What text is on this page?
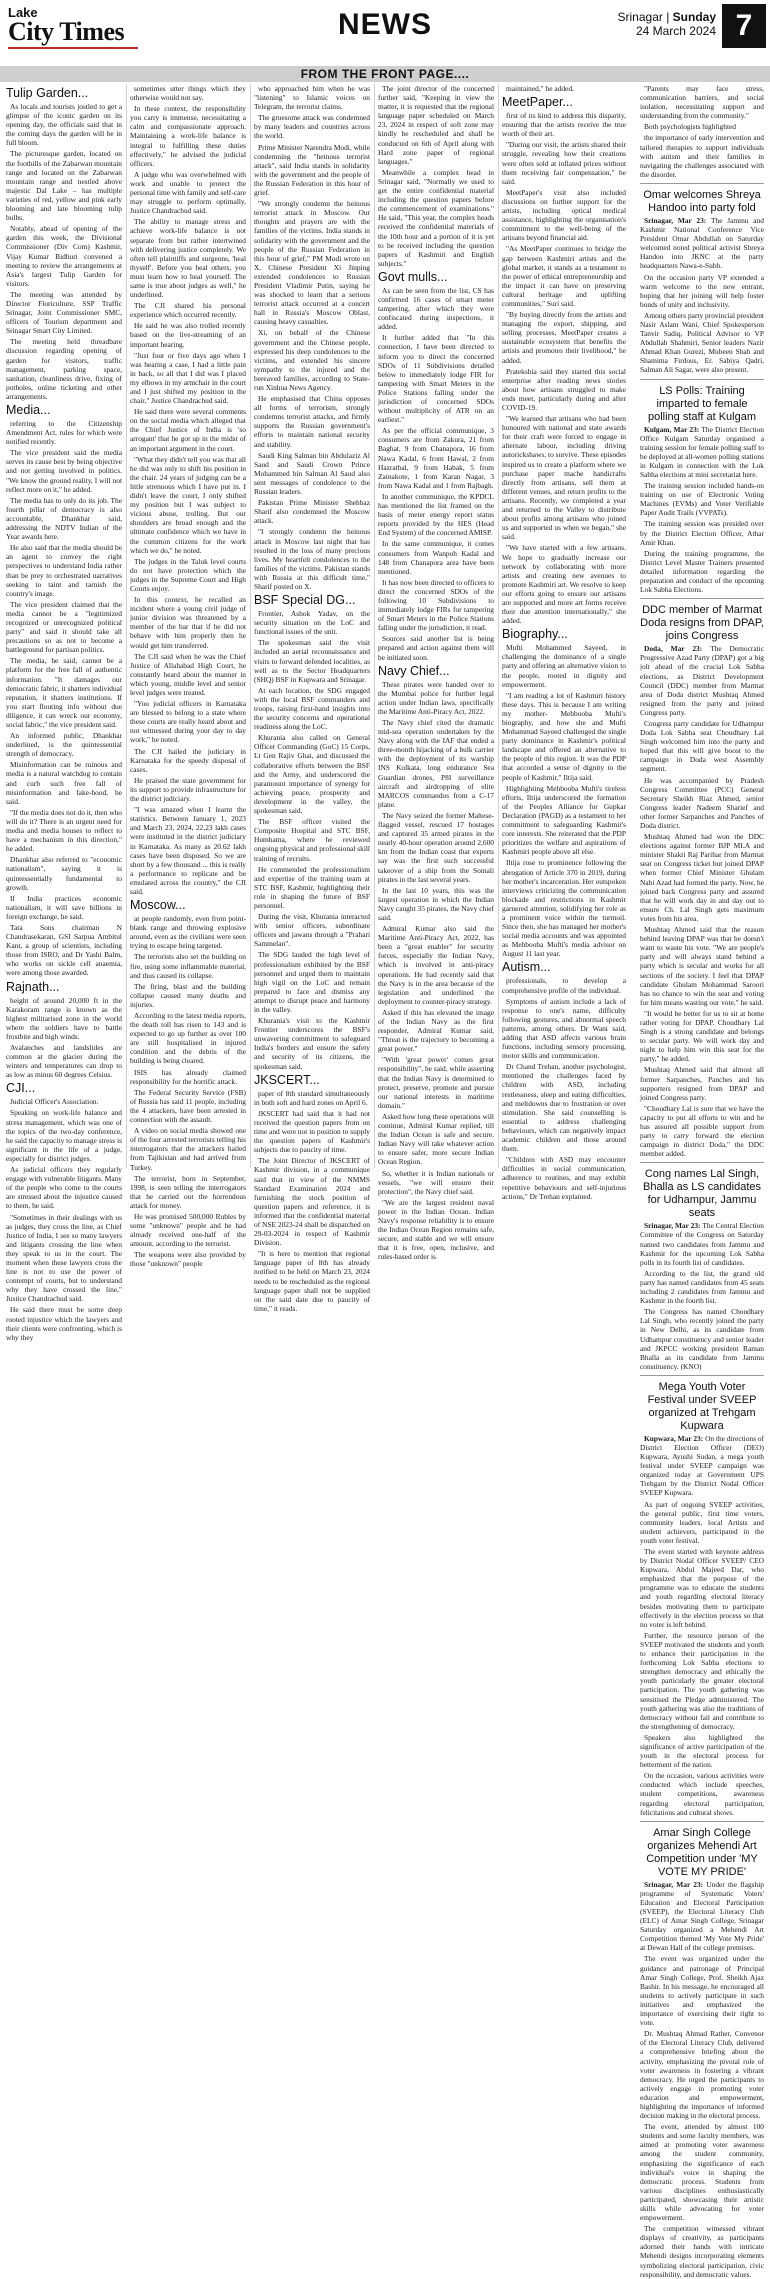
Lake
City Times	NEWS	Srinagar | Sunday
24 March 2024 7
FROM THE FRONT PAGE....
Tulip Garden...

As locals and tourists jostled to get a glimpse of the iconic garden on its opening day, the officials said that in the coming days the garden will be in full bloom.

The picturesque garden, located on the foothills of the Zabarwan mountain range and located on the Zabarwan mountain range and nestled above majestic Dal Lake – has multiple varieties of red, yellow and pink early blooming and late blooming tulip bulbs.

Notably, ahead of opening of the garden this week, the Divisional Commissioner (Div Com) Kashmir, Vijay Kumar Bidhuri convened a meeting to review the arrangements at Asia's largest Tulip Garden for visitors.

The meeting was attended by Director Floriculture, SSP Traffic Srinagar, Joint Commissioner SMC, officers of Tourism department and Srinagar Smart City Limited.

The meeting held threadbare discussion regarding opening of garden for visitors, traffic management, parking space, sanitation, cleanliness drive, fixing of potholes, online ticketing and other arrangements.

Media...

referring to the Citizenship Amendment Act, rules for which were notified recently.

The vice president said the media serves its cause best by being objective and not getting involved in politics. "We know the ground reality, I will not reflect more on it," he added.

The media has to only do its job. The fourth pillar of democracy is also accountable, Dhankhar said, addressing the NDTV Indian of the Year awards here.

He also said that the media should be an agent to convey the right perspectives to understand India rather than be prey to orchestrated narratives seeking to taint and tarnish the country's image.

The vice president claimed that the media cannot be a "legitimized recognized or unrecognized political party" and said it should take all precautions so as not to become a battleground for partisan politics.

The media, he said, cannot be a platform for the free fall of authentic information. "It damages our democratic fabric, it shatters individual reputation, it shatters institutions. If you start flouting info without due diligence, it can wreck our economy, social fabric," the vice president said.

An informed public, Dhankhar underlined, is the quintessential strength of democracy.

Misinformation can be ruinous and media is a natural watchdog to contain and curb such free fall of misinformation and fake-hood, he said.

"If the media does not do it, then who will do it? There is an urgent need for media and media houses to reflect to have a mechanism in this direction," he added.

Dhankhar also referred to "economic nationalism", saying it is quintessentially fundamental to growth.

If India practices economic nationalism, it will save billions in foreign exchange, he said.

Tata Sons chairman N Chandrasekaran, GSI Sarpua Ambitul Kant, a group of scientists, including those from ISRO, and Dr Yashi Balm, who works on sickle cell anaemia, were among those awarded.

Rajnath...

height of around 20,000 ft in the Karakoram range is known as the highest militarised zone in the world where the soldiers have to battle frostbite and high winds.

Avalanches and landslides are common at the glacier during the winters and temperatures can drop to as low as minus 60 degrees Celsius.

CJI...

Judicial Officer's Association.

Speaking on work-life balance and stress management, which was one of the topics of the two-day conference, he said the capacity to manage stress is significant in the life of a judge, especially for district judges.

As judicial officers they regularly engage with vulnerable litigants. Many of the people who come to the courts are stressed about the injustice caused to them, he said.

"Sometimes in their dealings with us as judges, they cross the line, as Chief Justice of India, I see so many lawyers and litigants crossing the line when they speak to us in the court. The moment when these lawyers cross the line is not to use the power of contempt of courts, but to understand why they have crossed the line," Justice Chandrachud said.

He said there must be some deep rooted injustice which the lawyers and their clients were confronting, which is why they

sometimes utter things which they otherwise would not say.

In these context, the responsibility you carry is immense, necessitating a calm and compassionate approach. Maintaining a work-life balance is integral to fulfilling these duties effectively," he advised the judicial officers.

A judge who was overwhelmed with work and unable to protect the personal time with family and self-care may struggle to perform optimally, Justice Chandrachud said.

The ability to manage stress and achieve work-life balance is not separate from but rather intertwined with delivering justice completely. We often tell plaintiffs and surgeons, 'heal thyself'. Before you heal others, you must learn how to heal yourself. The same is true about judges as well," he underlined.

The CJI shared his personal experience which occurred recently.

He said he was also trolled recently based on the live-streaming of an important hearing.

"Just four or five days ago when I was hearing a case, I had a little pain in back, so all that I did was I placed my elbows in my armchair in the court and I just shifted my position in the chair," Justice Chandrachud said.

He said there were several comments on the social media which alleged that the Chief Justice of India is 'so arrogant' that he got up in the midst of an important argument in the court.

"What they didn't tell you was that all he did was only to shift his position in the chair. 24 years of judging can be a little strenuous which I have put in. I didn't leave the court, I only shifted my position but I was subject to vicious abuse, trolling. But our shoulders are broad enough and the ultimate confidence which we have in the common citizens for the work which we do," he noted.

The judges in the Taluk level courts do not have protection which the judges in the Supreme Court and High Courts enjoy.

In this context, he recalled an incident where a young civil judge of junior division was threatened by a member of the bar that if he did not behave with him properly then he would get him transferred.

The CJI said when he was the Chief Justice of Allahabad High Court, he constantly heard about the manner in which young, middle level and senior level judges were treated.

"You judicial officers in Karnataka are blessed to belong to a state where these courts are really heard about and not witnessed during your day to day work," he noted.

The CJI hailed the judiciary in Karnataka for the speedy disposal of cases.

He praised the state government for its support to provide infrastructure for the district judiciary.

"I was amazed when I learnt the statistics. Between January 1, 2023 and March 23, 2024, 22,23 lakh cases were instituted in the district judiciary in Karnataka. As many as 20.62 lakh cases have been disposed. So we are short by a few thousand ... this is really a performance to replicate and be emulated across the country," the CJI said.

Moscow...

at people randomly, even from point-blank range and throwing explosive around, even as the civilians were seen trying to escape being targeted.

The terrorists also set the building on fire, using some inflammable material, and thus caused its collapse.

The firing, blast and the building collapse caused many deaths and injuries.

According to the latest media reports, the death toll has risen to 143 and is expected to go up further as over 100 are still hospitalised in injured condition and the debris of the building is being cleared.

ISIS has already claimed responsibility for the horrific attack.

The Federal Security Service (FSB) of Russia has said 11 people, including the 4 attackers, have been arrested in connection with the assault.

A video on social media showed one of the four arrested terrorists telling his interrogators that the attackers hailed from Tajikistan and had arrived from Turkey.

The terrorist, born in September, 1998, is seen telling the interrogators that he carried out the horrendous attack for money.

He was promised 500,000 Rubles by some "unknown" people and he had already received one-half of the amount, according to the terrorist.

The weapons were also provided by those "unknown" people

who approached him when he was "listening" to Islamic voices on Telegram, the terrorist claims.

The gruesome attack was condemned by many leaders and countries across the world.

Prime Minister Narendra Modi, while condemning the "heinous terrorist attack", said India stands in solidarity with the government and the people of the Russian Federation in this hour of grief.

"We strongly condemn the heinous terrorist attack in Moscow. Our thoughts and prayers are with the families of the victims. India stands in solidarity with the government and the people of the Russian Federation in this hour of grief," PM Modi wrote on X. Chinese President Xi Jinping extended condolences to Russian President Vladimir Putin, saying he was shocked to learn that a serious terrorist attack occurred at a concert hall in Russia's Moscow Oblast, causing heavy casualties.

Xi, on behalf of the Chinese government and the Chinese people, expressed his deep condolences to the victims, and extended his sincere sympathy to the injured and the bereaved families, according to State-run Xinhua News Agency.

He emphasised that China opposes all forms of terrorism, strongly condemns terrorist attacks, and firmly supports the Russian government's efforts to maintain national security and stability.

Saudi King Salman bin Abdulaziz Al Saud and Saudi Crown Prince Mohammed bin Salman Al Saud also sent messages of condolence to the Russian leaders.

Pakistan Prime Minister Shehbaz Sharif also condemned the Moscow attack.

"I strongly condemn the heinous attack in Moscow last night that has resulted in the loss of many precious lives. My heartfelt condolences to the families of the victims. Pakistan stands with Russia at this difficult time," Sharif posted on X.

BSF Special DG...

Frontier, Ashok Yadav, on the security situation on the LoC and functional issues of the unit.

The spokesman said the visit included an aerial reconnaissance and visits to forward defended localities, as well as to the Sector Headquarters (SHQ) BSF in Kupwara and Srinagar.

At each location, the SDG engaged with the local BSF commanders and troops, raising first-hand insights into the security concerns and operational readiness along the LoC.

Khurania also called on General Officer Commanding (GoC) 15 Corps, Lt Gen Rajiv Ghai, and discussed the collaborative efforts between the BSF and the Army, and underscored the paramount importance of synergy for achieving peace, prosperity and development in the valley, the spokesman said.

The BSF officer visited the Composite Hospital and STC BSF, Humhama, where he reviewed ongoing physical and professional skill training of recruits.

He commended the professionalism and expertise of the training team at STC BSF, Kashmir, highlighting their role in shaping the future of BSF personnel.

During the visit, Khurania interacted with senior officers, subordinate officers and jawans through a "Prahari Sammelan".

The SDG lauded the high level of professionalism exhibited by the BSF personnel and urged them to maintain high vigil on the LoC and remain prepared to face and dismiss any attempt to disrupt peace and harmony in the valley.

Khurania's visit to the Kashmir Frontier underscores the BSF's unwavering commitment to safeguard India's borders and ensure the safety and security of its citizens, the spokesman said.

JKSCERT...

paper of 8th standard simultaneously in both soft and hard zones on April 6.

JKSCERT had said that it had not received the question papers from on time and were not in position to supply the question papers of Kashmir's subjects due to paucity of time.

The Joint Director of JKSCERT of Kashmir division, in a communique said that in view of the NMMS Standard Examination 2024 and furnishing the stock position of question papers and reference, it is informed that the confidential material of NSE 2023-24 shall be dispatched on 29-03-2024 in respect of Kashmir Division.

"It is here to mention that regional language paper of 8th has already notified to be held on March 23, 2024 needs to be rescheduled as the regional language paper shall not be supplied on the said date due to paucity of time," it reads.

The joint director of the concerned further said, "Keeping in view the matter, it is requested that the regional language paper scheduled on March 23, 2024 in respect of soft zone may kindly be rescheduled and shall be conducted on 6th of April along with Hard zone paper of regional languages."

Meanwhile a complex head in Srinagar said, "Normally we used to get the entire confidential material including the question papers before the commencement of examinations." He said, "This year, the complex heads received the confidential materials of the 10th hour and a portion of it is yet to be received including the question papers of Kashmiri and English subjects."

Govt mulls...

As can be seen from the list, CS has confirmed 16 cases of smart meter tampering, after which they were confiscated during inspections, it added.

It further added that "In this connection, I have been directed to inform you to direct the concerned SDOs of 11 Subdivisions detailed below to immediately lodge FIR for tampering with Smart Meters in the Police Stations falling under the jurisdiction of concerned SDOs without multiplicity of ATR on an earliest."

As per the official communique, 3 consumers are from Zakura, 21 from Baghat, 9 from Chanapora, 16 from Nawa Kadal, 6 from Hawal, 2 from Hazratbal, 9 from Habak, 5 from Zainakote, 1 from Karan Nagar, 3 from Nawa Kadal and 1 from Rajbagh.

In another communique, the KPDCL has mentioned the list framed on the basis of meter energy report status reports provided by the HES (Head End System) of the concerned AMISP.

In the same communique, it comes consumers from Wanpoh Kadal and 148 from Chanapora area have been mentioned.

It has now been directed to officers to direct the concerned SDOs of the following 10 Subdivisions to immediately lodge FIRs for tampering of Smart Meters in the Police Stations falling under the jurisdiction, it read.

Sources said another list is being prepared and action against them will be initiated soon.

Navy Chief...

These pirates were handed over to the Mumbai police for further legal action under Indian laws, specifically the Maritime Anti-Piracy Act, 2022.

The Navy chief cited the dramatic mid-sea operation undertaken by the Navy along with the IAF that ended a three-month hijacking of a bulk carrier with the deployment of its warship INS Kolkata, long endurance Sea Guardian drones, P8I surveillance aircraft and airdropping of elite MARCOS commandos from a C-17 plane.

The Navy seized the former Maltese-flagged vessel, rescued 17 hostages and captured 35 armed pirates in the nearly 40-hour operation around 2,600 km from the Indian coast that experts say was the first such successful takeover of a ship from the Somali pirates in the last several years.

In the last 10 years, this was the largest operation in which the Indian Navy caught 35 pirates, the Navy chief said.

Admiral Kumar also said the Maritime Anti-Piracy Act, 2022, has been a "great enabler" for security forces, especially the Indian Navy, which is involved in anti-piracy operations. He had recently said that the Navy is in the area because of the legislation and underlined the deployment to counter-piracy strategy.

Asked if this has elevated the image of the Indian Navy as the first responder, Admiral Kumar said, "Threat is the trajectory to becoming a great power."

"With 'great power' comes great responsibility", he said, while asserting that the Indian Navy is determined to protect, preserve, promote and pursue our national interests in maritime domain."

Asked how long these operations will continue, Admiral Kumar replied, till the Indian Ocean is safe and secure. Indian Navy will take whatever action to ensure safer, more secure Indian Ocean Region.

So, whether it is Indian nationals or vessels, "we will ensure their protection", the Navy chief said.

"We are the largest resident naval power in the Indian Ocean. Indian Navy's response reliability is to ensure the Indian Ocean Region remains safe, secure, and stable and we will ensure that it is free, open, inclusive, and rules-based order is

maintained," he added.

MeetPaper...

first of its kind to address this disparity, ensuring that the artists receive the true worth of their art.

"During our visit, the artists shared their struggle, revealing how their creations were often sold at inflated prices without them receiving fair compensation," he said.

MeetPaper's visit also included discussions on further support for the artists, including optical medical assistance, highlighting the organisation's commitment to the well-being of the artisans beyond financial aid.

"As MeetPaper continues to bridge the gap between Kashmiri artists and the global market, it stands as a testament to the power of ethical entrepreneurship and the impact it can have on preserving cultural heritage and uplifting communities," Suri said.

"By buying directly from the artists and managing the export, shipping, and selling processes, MeetPaper creates a sustainable ecosystem that benefits the artists and promotes their livelihood," he added.

Pratekshia said they started this social enterprise after reading news stories about how artisans struggled to make ends meet, particularly during and after COVID-19.

"We learned that artisans who had been honoured with national and state awards for their craft were forced to engage in alternate labour, including driving autorickshaws, to survive. These episodes inspired us to create a platform where we purchase paper mache handicrafts directly from artisans, sell them at different venues, and return profits to the artisans. Recently, we completed a year and returned to the Valley to distribute about profits among artisans who joined us and supported us when we began," she said.

"We have started with a few artisans. We hope to gradually increase our network by collaborating with more artists and creating new avenues to promote Kashmiri art. We resolve to keep our efforts going to ensure our artisans are supported and more art forms receive their due attention internationally," she added.

Biography...

Mufti Mohammed Sayeed, in challenging the dominance of a single party and offering an alternative vision to the people, rooted in dignity and empowerment.

"I am reading a lot of Kashmiri history these days. This is because I am writing my mother- Mehbooba Mufti's biography, and how she and Mufti Mohammad Sayeed challenged the single party dominance in Kashmir's political landscape and offered an alternative to the people of this region. It was the PDP that accorded a sense of dignity to the people of Kashmir," Iltija said.

Highlighting Mehbooba Mufti's tireless efforts, Iltija underscored the formation of the Peoples Alliance for Gupkar Declaration (PAGD) as a testament to her commitment to safeguarding Kashmir's core interests. She reiterated that the PDP prioritizes the welfare and aspirations of Kashmiri people above all else.

Iltija rose to prominence following the abrogation of Article 370 in 2019, during her mother's incarceration. Her outspoken interviews criticizing the communication blockade and restrictions in Kashmir garnered attention, solidifying her role as a prominent voice within the turmoil. Since then, she has managed her mother's social media accounts and was appointed as Mehbooba Mufti's media advisor on August 11 last year.

Autism...

professionals, to develop a comprehensive profile of the individual.

Symptoms of autism include a lack of response to one's name, difficulty following gestures, and abnormal speech patterns, among others. Dr Wani said, adding that ASD affects various brain functions, including sensory processing, motor skills and communication.

Dr Chand Trehan, another psychologist, mentioned the challenges faced by children with ASD, including restlessness, sleep and eating difficulties, and meltdowns due to frustration or over stimulation. She said counselling is essential to address challenging behaviours, which can negatively impact academic children and those around them.

"Children with ASD may encounter difficulties in social communication, adherence to routines, and may exhibit repetitive behaviours and self-injurious actions," Dr Trehan explained.

"Parents may face stress, communication barriers, and social isolation, necessitating support and understanding from the community."

Both psychologists highlighted

the importance of early intervention and tailored therapies to support individuals with autism and their families in navigating the challenges associated with the disorder.

Omar welcomes Shreya Handoo into party fold

Srinagar, Mar 23: The Jammu and Kashmir National Conference Vice President Omar Abdullah on Saturday welcomed noted political activist Shreya Handoo into JKNC at the party headquarters Nawa-e-Subh.

On the occasion party VP extended a warm welcome to the new entrant, hoping that her joining will help foster bonds of unity and inclusivity.

Among others party provincial president Nasir Aslam Wani, Chief Spokesperson Tanvir Sadiq, Political Advisor to VP Abdullah Shahmiri, Senior leaders Nazir Ahmad Khan Gurezi, Mubeen Shah and Shamima Firdous, Er. Sabiya Qadri, Salman Ali Sagar, were also present.

LS Polls: Training imparted to female polling staff at Kulgam

Kulgam, Mar 23: The District Election Office Kulgam Saturday organised a training session for female polling staff to be deployed at all-women polling stations in Kulgam in connection with the Lok Sabha elections at mini secretariat here.

The training session included hands-on training on use of Electronic Voting Machines (EVMs) and Voter Verifiable Paper Audit Trails (VVPATs).

The training session was presided over by the District Election Officer, Athar Amir Khan.

During the training programme, the District Level Master Trainers presented detailed information regarding the preparation and conduct of the upcoming Lok Sabha Elections.

DDC member of Marmat Doda resigns from DPAP, joins Congress

Doda, Mar 23: The Democratic Progressive Azad Party (DPAP) got a big jolt ahead of the crucial Lok Sabha elections, as District Development Council (DDC) member from Marmat area of Doda district Mushtaq Ahmed resigned from the party and joined Congress party.

Congress party candidate for Udhampur Doda Lok Sabha seat Choudhary Lal Singh welcomed him into the party and hoped that this will give boost to the campaign in Doda west Assembly segment.

He was accompanied by Pradesh Congress Committee (PCC) General Secretary Sheikh Riaz Ahmed, senior Congress leader Nadeem Sharief and other former Sarpanches and Panches of Doda district.

Mushtaq Ahmed had won the DDC elections against former BJP MLA and minister Shakti Raj Parihar from Marmat seat on Congress ticket but joined DPAP when former Chief Minister Ghulam Nabi Azad had formed the party. Now, he joined back Congress party and assured that he will work day in and day out to ensure Ch. Lal Singh gets maximum votes from his area.

Mushtaq Ahmed said that the reason behind leaving DPAP was that he doesn't want to waste his vote. "We are people's party and will always stand behind a party which is secular and works for all sections of the society. I feel that DPAP candidate Ghulam Mohammad Saroori has no chance to win the seat and voting for him means wasting our vote," he said.

"It would be better for us to sit at home rather voting for DPAP. Choudhary Lal Singh is a strong candidate and belongs to secular party. We will work day and night to help him win this seat for the party," he added.

Mushtaq Ahmed said that almost all former Sarpanches, Panches and his supporters resigned from DPAP and joined Congress party.

"Choudhary Lal is sure that we have the capacity to put all efforts to win and he has assured all possible support from party to carry forward the election campaign in district Doda," the DDC member added.

Cong names Lal Singh, Bhalla as LS candidates for Udhampur, Jammu seats

Srinagar, Mar 23: The Central Election Committee of the Congress on Saturday named two candidates from Jammu and Kashmir for the upcoming Lok Sabha polls in its fourth list of candidates.

According to the list, the grand old party has named candidates from 45 seats including 2 candidates from Jammu and Kashmir in the fourth list.

The Congress has named Choudhary Lal Singh, who recently joined the party in New Delhi, as its candidate from Udhampur constituency and senior leader and JKPCC working president Raman Bhalla as its candidate from Jammu constituency. (KNO)

Mega Youth Voter Festival under SVEEP organized at Trehgam Kupwara

Kupwara, Mar 23: On the directions of District Election Officer (DEO) Kupwara, Ayushi Sudan, a mega youth festival under SVEEP campaign was organized today at Government UPS Trehgam by the District Nodal Officer SVEEP Kupwara.

As part of ongoing SVEEP activities, the general public, first time voters, community leaders, local Artists and student achievers, participated in the youth voter festival.

The event started with keynote address by District Nodal Officer SVEEP/ CEO Kupwara, Abdul Majeed Dar, who emphasized that the purpose of the programme was to educate the students and youth regarding electoral literacy besides motivating them to participate effectively in the election process so that no voter is left behind.

Further, the resource person of the SVEEP motivated the students and youth to enhance their participation in the forthcoming Lok Sabha elections to strengthen democracy and ethically the youth particularly the greater electoral participation. The youth gathering was sensitised the Pledge administered. The youth gathering was also the traditions of democracy without fail and contribute to the strengthening of democracy.

Speakers also highlighted the significance of active participation of the youth in the electoral process for betterment of the nation.

On the occasion, various activities were conducted which include speeches, student competitions, awareness regarding electoral participation, felicitations and cultural shows.

Amar Singh College organizes Mehendi Art Competition under 'MY VOTE MY PRIDE'

Srinagar, Mar 23: Under the flagship programme of Systematic Voters' Education and Electoral Participation (SVEEP), the Electoral Literacy Club (ELC) of Amar Singh College, Srinagar Saturday organized a Mehendi Art Competition themed 'My Vote My Pride' at Dewan Hall of the college premises.

The event was organized under the guidance and patronage of Principal Amar Singh College, Prof. Sheikh Ajaz Bashir. In his message, he encouraged all students to actively participate in such initiatives and emphasized the importance of exercising their right to vote.

Dr. Mushtaq Ahmad Rather, Convenor of the Electoral Literacy Club, delivered a comprehensive briefing about the activity, emphasizing the pivotal role of voter awareness in fostering a vibrant democracy. He urged the participants to actively engage in promoting voter education and empowerment, highlighting the importance of informed decision making in the electoral process.

The event, attended by almost 100 students and some faculty members, was aimed at promoting voter awareness among the student community, emphasizing the significance of each individual's voice in shaping the democratic process. Students from various disciplines enthusiastically participated, showcasing their artistic skills while advocating for voter empowerment.

The competition witnessed vibrant displays of creativity, as participants adorned their hands with intricate Mehendi designs incorporating elements symbolizing electoral participation, civic responsibility, and democratic values.
